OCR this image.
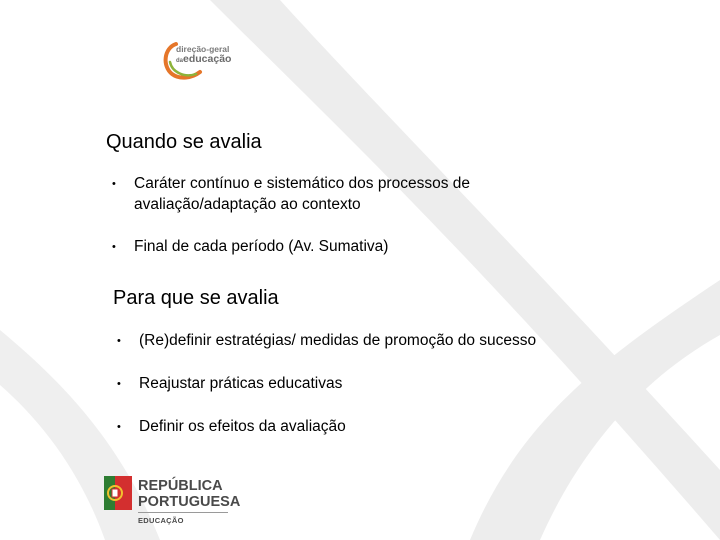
direção-geral
daeducação
Quando se avalia
•	Caráter contínuo e sistemático dos processos de
avaliação/adaptação ao contexto
•	Final de cada período (Av. Sumativa)
Para que se avalia
•	(Re)definir estratégias/ medidas de promoção do sucesso
•	Reajustar práticas educativas
•	Definir os efeitos da avaliação
REPÚBLICA
PORTUGUESA
EDUCAÇÃO
